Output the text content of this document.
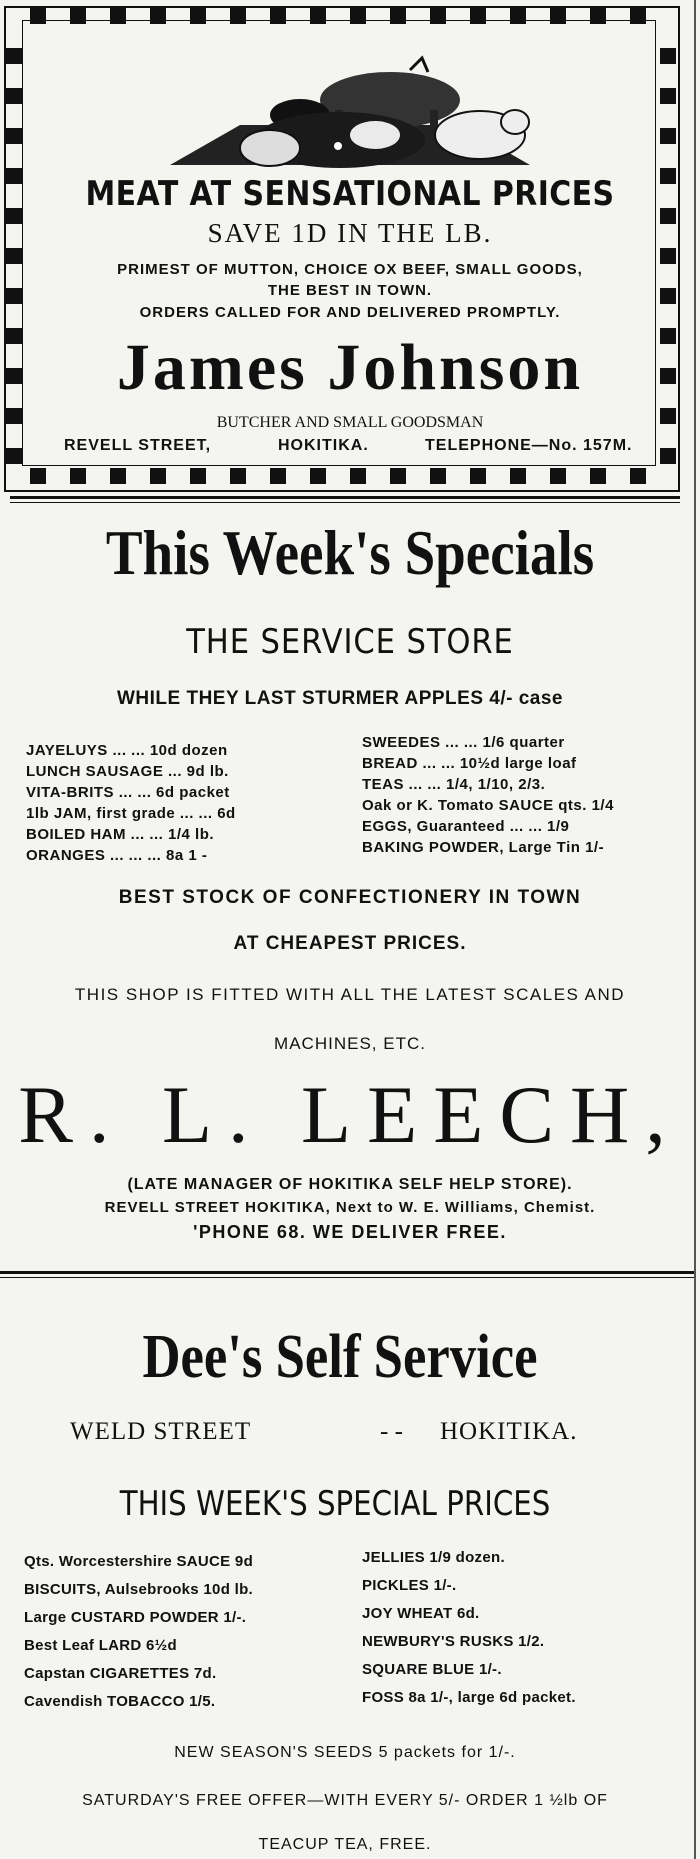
MEAT AT SENSATIONAL PRICES
SAVE 1D IN THE LB.
PRIMEST OF MUTTON, CHOICE OX BEEF, SMALL GOODS,
THE BEST IN TOWN.
ORDERS CALLED FOR AND DELIVERED PROMPTLY.
James Johnson
BUTCHER AND SMALL GOODSMAN
REVELL STREET,	HOKITIKA.	TELEPHONE—No. 157M.
This Week's Specials
THE SERVICE STORE
WHILE THEY LAST STURMER APPLES 4/- case
JAYELUYS ... ... 10d dozen
LUNCH SAUSAGE ... 9d lb.
VITA-BRITS ... ... 6d packet
1lb JAM, first grade ... ... 6d
BOILED HAM ... ... 1/4 lb.
ORANGES ... ... ... 8a 1 -
SWEEDES ... ... 1/6 quarter
BREAD ... ... 10½d large loaf
TEAS ... ... 1/4, 1/10, 2/3.
Oak or K. Tomato SAUCE qts. 1/4
EGGS, Guaranteed ... ... 1/9
BAKING POWDER, Large Tin 1/-
BEST STOCK OF CONFECTIONERY IN TOWN
AT CHEAPEST PRICES.
THIS SHOP IS FITTED WITH ALL THE LATEST SCALES AND
MACHINES, ETC.
R. L. LEECH,
(LATE MANAGER OF HOKITIKA SELF HELP STORE).
REVELL STREET HOKITIKA, Next to W. E. Williams, Chemist.
'PHONE 68. WE DELIVER FREE.
Dee's Self Service
WELD STREET	- - HOKITIKA.
THIS WEEK'S SPECIAL PRICES
Qts. Worcestershire SAUCE 9d
BISCUITS, Aulsebrooks 10d lb.
Large CUSTARD POWDER 1/-.
Best Leaf LARD 6½d
Capstan CIGARETTES 7d.
Cavendish TOBACCO 1/5.
JELLIES 1/9 dozen.
PICKLES 1/-.
JOY WHEAT 6d.
NEWBURY'S RUSKS 1/2.
SQUARE BLUE 1/-.
FOSS 8a 1/-, large 6d packet.
NEW SEASON'S SEEDS 5 packets for 1/-.
SATURDAY'S FREE OFFER—WITH EVERY 5/- ORDER 1 ½lb OF
TEACUP TEA, FREE.
